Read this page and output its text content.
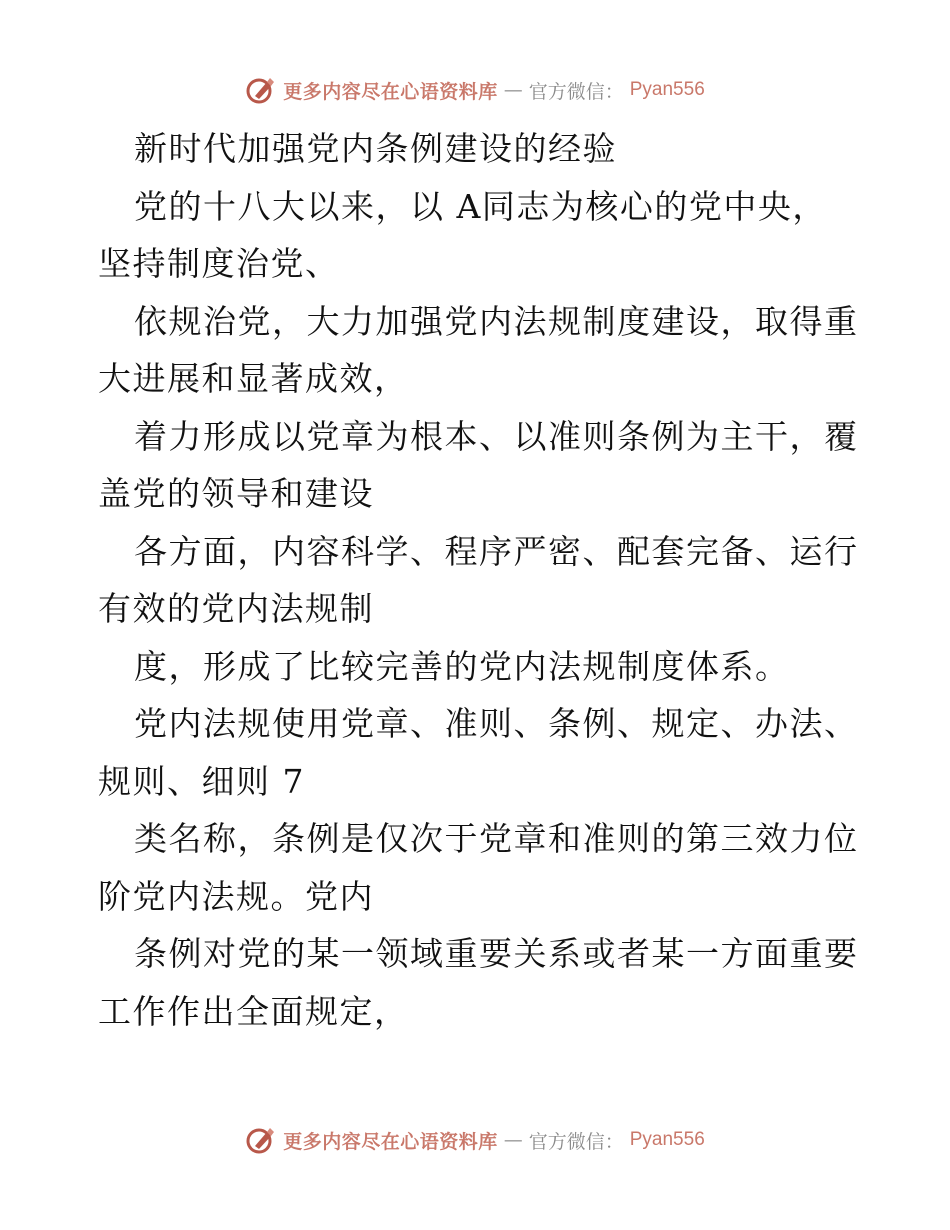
更多内容尽在心语资料库 — 官方微信： Pyan556
新时代加强党内条例建设的经验
党的十八大以来，以 A同志为核心的党中央，
坚持制度治党、
依规治党，大力加强党内法规制度建设，取得重
大进展和显著成效，
着力形成以党章为根本、以准则条例为主干，覆
盖党的领导和建设
各方面，内容科学、程序严密、配套完备、运行
有效的党内法规制
度，形成了比较完善的党内法规制度体系。
党内法规使用党章、准则、条例、规定、办法、
规则、细则 7
类名称，条例是仅次于党章和准则的第三效力位
阶党内法规。党内
条例对党的某一领域重要关系或者某一方面重要
工作作出全面规定，
更多内容尽在心语资料库 — 官方微信： Pyan556
